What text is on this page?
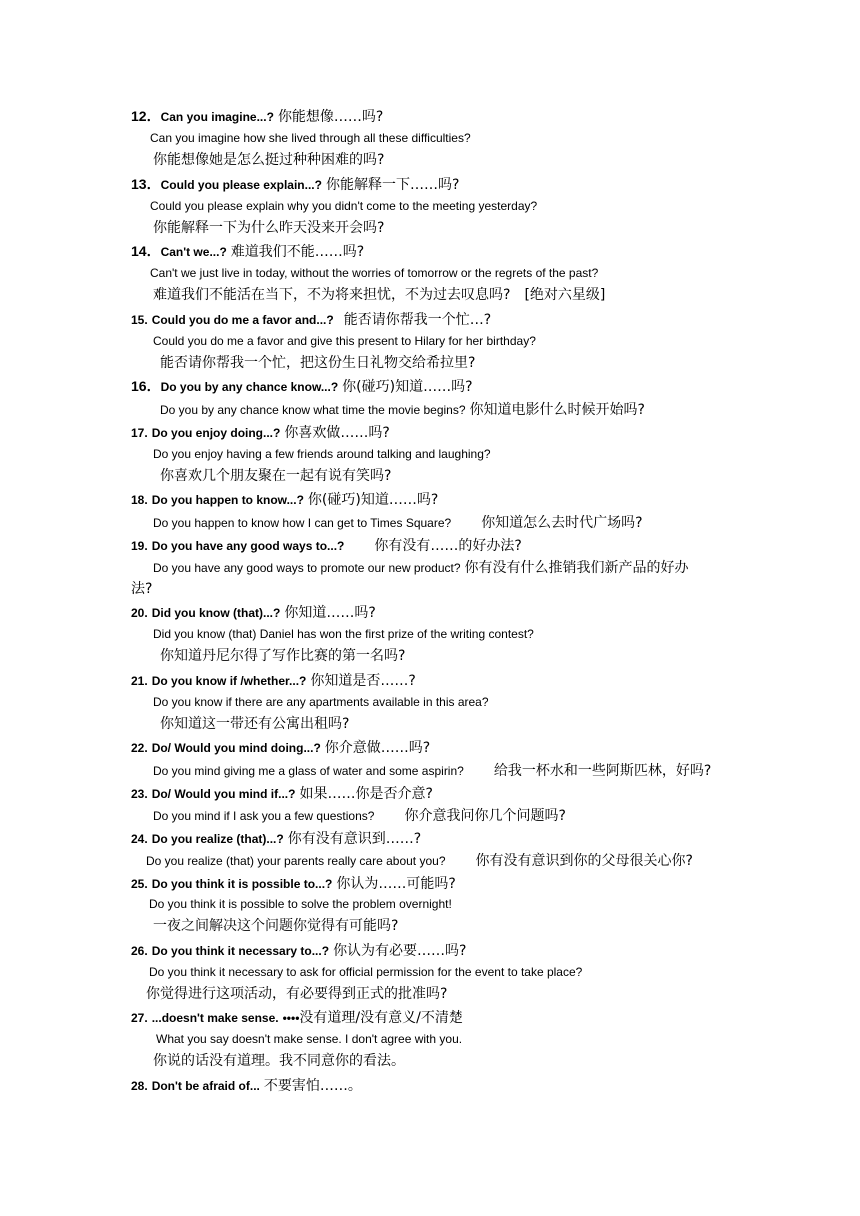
12．Can you imagine...? 你能想像……吗?
Can you imagine how she lived through all these difficulties?
你能想像她是怎么挺过种种困难的吗?
13．Could you please explain...? 你能解释一下……吗?
Could you please explain why you didn't come to the meeting yesterday?
你能解释一下为什么昨天没来开会吗?
14．Can't we...? 难道我们不能……吗?
Can't we just live in today, without the worries of tomorrow or the regrets of the past?
难道我们不能活在当下，不为将来担忧，不为过去叹息吗? [绝对六星级]
15. Could you do me a favor and...? 能否请你帮我一个忙…?
Could you do me a favor and give this present to Hilary for her birthday?
能否请你帮我一个忙，把这份生日礼物交给希拉里?
16．Do you by any chance know...? 你(碰巧)知道……吗?
Do you by any chance know what time the movie begins? 你知道电影什么时候开始吗?
17. Do you enjoy doing...? 你喜欢做……吗?
Do you enjoy having a few friends around talking and laughing?
你喜欢几个朋友聚在一起有说有笑吗?
18. Do you happen to know...? 你(碰巧)知道……吗?
Do you happen to know how I can get to Times Square? 你知道怎么去时代广场吗?
19. Do you have any good ways to...? 你有没有……的好办法?
Do you have any good ways to promote our new product? 你有没有什么推销我们新产品的好办
法?
20. Did you know (that)...? 你知道……吗?
Did you know (that) Daniel has won the first prize of the writing contest?
你知道丹尼尔得了写作比赛的第一名吗?
21. Do you know if /whether...? 你知道是否……?
Do you know if there are any apartments available in this area?
你知道这一带还有公寓出租吗?
22. Do/ Would you mind doing...? 你介意做……吗?
Do you mind giving me a glass of water and some aspirin? 给我一杯水和一些阿斯匹林，好吗?
23. Do/ Would you mind if...? 如果……你是否介意?
Do you mind if I ask you a few questions? 你介意我问你几个问题吗?
24. Do you realize (that)...? 你有没有意识到……?
Do you realize (that) your parents really care about you? 你有没有意识到你的父母很关心你?
25. Do you think it is possible to...? 你认为……可能吗?
Do you think it is possible to solve the problem overnight!
一夜之间解决这个问题你觉得有可能吗?
26. Do you think it necessary to...? 你认为有必要……吗?
Do you think it necessary to ask for official permission for the event to take place?
你觉得进行这项活动，有必要得到正式的批准吗?
27. ...doesn't make sense. ••••没有道理/没有意义/不清楚
What you say doesn't make sense. I don't agree with you.
你说的话没有道理。我不同意你的看法。
28. Don't be afraid of... 不要害怕……。
